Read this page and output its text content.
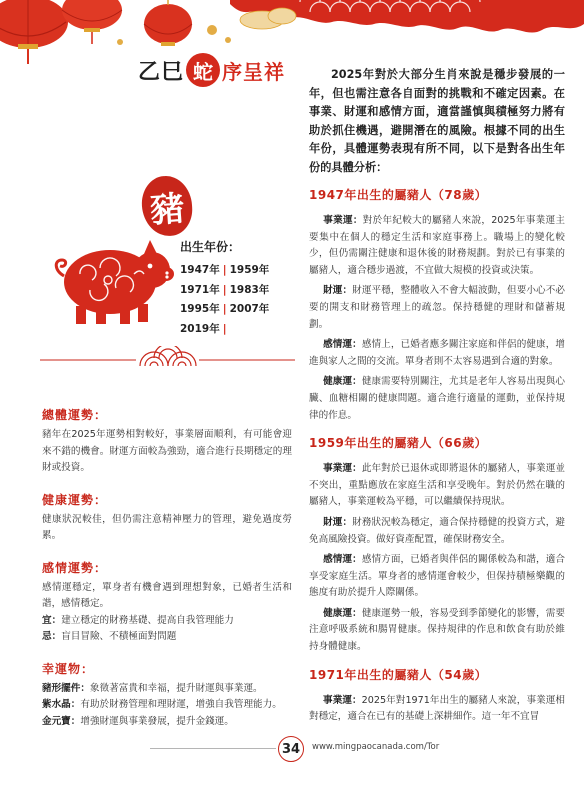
乙巳 蛇 序呈祥	2025年對於大部分生肖來說是穩步發展的一年，但也需注意各自面對的挑戰和不確定因素。在事業、財運和感情方面，適當謹慎與積極努力將有助於抓住機遇，避開潛在的風險。根據不同的出生年份，具體運勢表現有所不同，以下是對各出生年份的具體分析：
豬
出生年份：
1947年 | 1959年
1971年 | 1983年
1995年 | 2007年
2019年 |
總體運勢：
豬年在2025年運勢相對較好，事業層面順利，有可能會迎來不錯的機會。財運方面較為強勁，適合進行長期穩定的理財或投資。
健康運勢：
健康狀況較佳，但仍需注意精神壓力的管理，避免過度勞累。
感情運勢：
感情運穩定，單身者有機會遇到理想對象，已婚者生活和諧，感情穩定。
宜：建立穩定的財務基礎、提高自我管理能力
忌：盲目冒險、不積極面對問題
幸運物：
豬形擺件：象徵著富貴和幸福，提升財運與事業運。
紫水晶：有助於財務管理和理財運，增強自我管理能力。
金元寶：增強財運與事業發展，提升金錢運。
1947年出生的屬豬人（78歲）

事業運：對於年紀較大的屬豬人來說，2025年事業運主要集中在個人的穩定生活和家庭事務上。職場上的變化較少，但仍需關注健康和退休後的財務規劃。對於已有事業的屬豬人，適合穩步過渡，不宜做大規模的投資或決策。

財運：財運平穩，整體收入不會大幅波動，但要小心不必要的開支和財務管理上的疏忽。保持穩健的理財和儲蓄規劃。

感情運：感情上，已婚者應多關注家庭和伴侶的健康，增進與家人之間的交流。單身者則不太容易遇到合適的對象。

健康運：健康需要特別關注，尤其是老年人容易出現與心臟、血糖相關的健康問題。適合進行適量的運動，並保持規律的作息。

1959年出生的屬豬人（66歲）

事業運：此年對於已退休或即將退休的屬豬人，事業運並不突出，重點應放在家庭生活和享受晚年。對於仍然在職的屬豬人，事業運較為平穩，可以繼續保持現狀。

財運：財務狀況較為穩定，適合保持穩健的投資方式，避免高風險投資。做好資產配置，確保財務安全。

感情運：感情方面，已婚者與伴侶的關係較為和諧，適合享受家庭生活。單身者的感情運會較少，但保持積極樂觀的態度有助於提升人際關係。

健康運：健康運勢一般，容易受到季節變化的影響，需要注意呼吸系統和腸胃健康。保持規律的作息和飲食有助於維持身體健康。

1971年出生的屬豬人（54歲）

事業運：2025年對1971年出生的屬豬人來說，事業運相對穩定，適合在已有的基礎上深耕細作。這一年不宜冒

34	www.mingpaocanada.com/Tor
